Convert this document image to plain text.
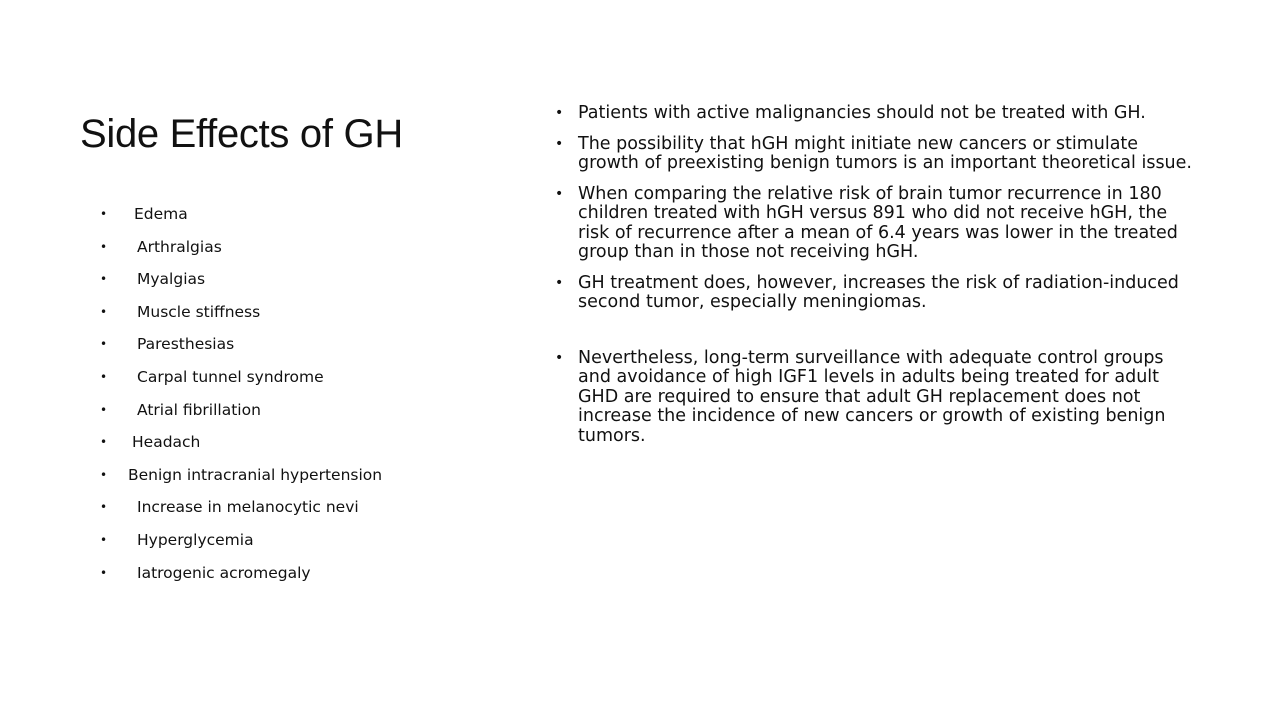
Side Effects of GH
• Edema
• Arthralgias
• Myalgias
• Muscle stiffness
• Paresthesias
• Carpal tunnel syndrome
• Atrial fibrillation
• Headach
• Benign intracranial hypertension
• Increase in melanocytic nevi
• Hyperglycemia
• Iatrogenic acromegaly
• Patients with active malignancies should not be treated with GH.
• The possibility that hGH might initiate new cancers or stimulate growth of preexisting benign tumors is an important theoretical issue.
• When comparing the relative risk of brain tumor recurrence in 180 children treated with hGH versus 891 who did not receive hGH, the risk of recurrence after a mean of 6.4 years was lower in the treated group than in those not receiving hGH.
• GH treatment does, however, increases the risk of radiation-induced second tumor, especially meningiomas.
• Nevertheless, long-term surveillance with adequate control groups and avoidance of high IGF1 levels in adults being treated for adult GHD are required to ensure that adult GH replacement does not increase the incidence of new cancers or growth of existing benign tumors.
